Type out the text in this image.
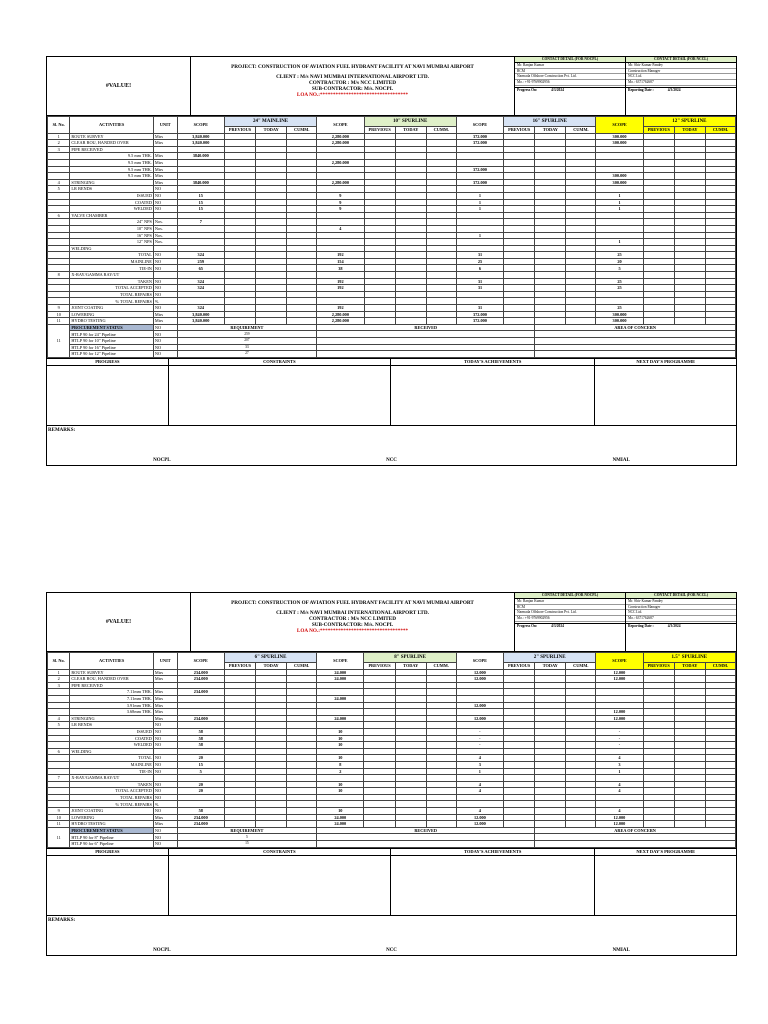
#VALUE!
PROJECT: CONSTRUCTION OF AVIATION FUEL HYDRANT FACILITY AT NAVI MUMBAI AIRPORT
CLIENT : M/s NAVI MUMBAI INTERNATIONAL AIRPORT LTD.
CONTRACTOR : M/s NCC LIMITED
SUB-CONTRACTOR: M/s. NOCPL
LOA NO.:**********************************
CONTACT DETAIL (FOR NOCPL)
Mr. Ranjan Kumar
RCM
Narmada Offshore Construction Pvt. Ltd.
Mo.: +91-9769902956
Progress On:	4/3/2024
CONTACT DETAIL (FOR NCCL)
Mr. Shiv Kumar Pandey
Construction Manager
NCC Ltd.
Mo.: 6371762687
Reporting Date :	4/3/2024
Sl. No.	ACTIVITIES	UNIT	SCOPE	24" MAINLINE			SCOPE	10" SPURLINE			SCOPE	16" SPURLINE			SCOPE	12" SPURLINE		
				PREVIOUS	TODAY	CUMM.		PREVIOUS	TODAY	CUMM.		PREVIOUS	TODAY	CUMM.		PREVIOUS	TODAY	CUMM.
1	ROUTE SURVEY	Mtrs	3,840.000				2,280.000				372.000				300.000			
2	CLEAR ROU, HANDED OVER	Mtrs	3,840.000				2,280.000				372.000				300.000			
3	PIPE RECEIVED																	
	9.5 mm THK.	Mtrs	3840.000															
	9.5 mm THK.	Mtrs					2,280.000											
	9.5 mm THK.	Mtrs									372.000							
	9.5 mm THK.	Mtrs													300.000			
4	STRINGING	Mtrs	3840.000				2,280.000				372.000				300.000			
5	LR BENDS	NO																
	ISSUED	NO	15				9				1				1			
	COATED	NO	15				9				1				1			
	WELDED	NO	15				9				1				1			
6	VALVE CHAMBER																	
	24" NPS	Nos.	7															
	10" NPS	Nos.					4											
	16" NPS	Nos.									1							
	12" NPS	Nos.													1			
	WELDING																	
	TOTAL	NO	324				192				31				25			
	MAINLINE	NO	259				154				25				20			
	TIE-IN	NO	65				38				6				5			
8	X-RAY/GAMMA RAY/UT																	
	TAKEN	NO	324				192				31				25			
	TOTAL ACCEPTED	NO	324				192				31				25			
	TOTAL REPAIRS	NO																
	% TOTAL REPAIRS	%																
9	JOINT COATING	NO	324				192				31				25			
10	LOWERING	Mtrs	3,840.000				2,280.000				372.000				300.000			
11	HYDRO TESTING	Mtrs	3,840.000				2,280.000				372.000				300.000			
11	PROCUREMENT STATUS	NO	REQUIREMENT				RECEIVED						AREA OF CONCERN					
	HTLP 90 for 24" Pipeline	NO	259															
	HTLP 90 for 10" Pipeline	NO	207															
	HTLP 90 for 16" Pipeline	NO	33															
	HTLP 90 for 12" Pipeline	NO	27															
PROGRESS	CONSTRAINTS	TODAY'S ACHIEVEMENTS	NEXT DAY'S PROGRAMME
REMARKS:
NOCPL	NCC	NMIAL
#VALUE!
PROJECT: CONSTRUCTION OF AVIATION FUEL HYDRANT FACILITY AT NAVI MUMBAI AIRPORT
CLIENT : M/s NAVI MUMBAI INTERNATIONAL AIRPORT LTD.
CONTRACTOR : M/s NCC LIMITED
SUB-CONTRACTOR: M/s. NOCPL
LOA NO.:**********************************
CONTACT DETAIL (FOR NOCPL)
Mr. Ranjan Kumar
RCM
Narmada Offshore Construction Pvt. Ltd.
Mo.: +91-9769902956
Progress On:	4/3/2024
CONTACT DETAIL (FOR NCCL)
Mr. Shiv Kumar Pandey
Construction Manager
NCC Ltd.
Mo.: 6371762687
Reporting Date :	4/3/2024
Sl. No.	ACTIVITIES	UNIT	SCOPE	6" SPURLINE			SCOPE	8" SPURLINE			SCOPE	2" SPURLINE			SCOPE	1.5" SPURLINE		
				PREVIOUS	TODAY	CUMM.		PREVIOUS	TODAY	CUMM.		PREVIOUS	TODAY	CUMM.		PREVIOUS	TODAY	CUMM.
1	ROUTE SURVEY	Mtrs	234.000				24.000				12.000				12.000			
2	CLEAR ROU, HANDED OVER	Mtrs	234.000				24.000				12.000				12.000			
3	PIPE RECEIVED																	
	7.11mm THK.	Mtrs	234.000															
	7.11mm THK.	Mtrs					24.000											
	3.91mm THK.	Mtrs									12.000							
	3.68mm THK.	Mtrs													12.000			
4	STRINGING	Mtrs	234.000				24.000				12.000				12.000			
5	LR BENDS	NO																
	ISSUED	NO	58				10				-				-			
	COATED	NO	58				10				-				-			
	WELDED	NO	58				10				-				-			
6	WELDING																	
	TOTAL	NO	20				10				4				4			
	MAINLINE	NO	15				8				3				3			
	TIE-IN	NO	5				2				1				1			
7	X-RAY/GAMMA RAY/UT																	
	TAKEN	NO	20				10				4				4			
	TOTAL ACCEPTED	NO	20				10				4				4			
	TOTAL REPAIRS	NO																
	% TOTAL REPAIRS	%																
9	JOINT COATING	NO	58				10				4				4			
10	LOWERING	Mtrs	234.000				24.000				12.000				12.000			
11	HYDRO TESTING	Mtrs	234.000				24.000				12.000				12.000			
11	PROCUREMENT STATUS	NO	REQUIREMENT				RECEIVED						AREA OF CONCERN					
	HTLP 90 for 8" Pipeline	NO	5															
	HTLP 90 for 6" Pipeline	NO	15															
PROGRESS	CONSTRAINTS	TODAY'S ACHIEVEMENTS	NEXT DAY'S PROGRAMME
REMARKS:
NOCPL	NCC	NMIAL
